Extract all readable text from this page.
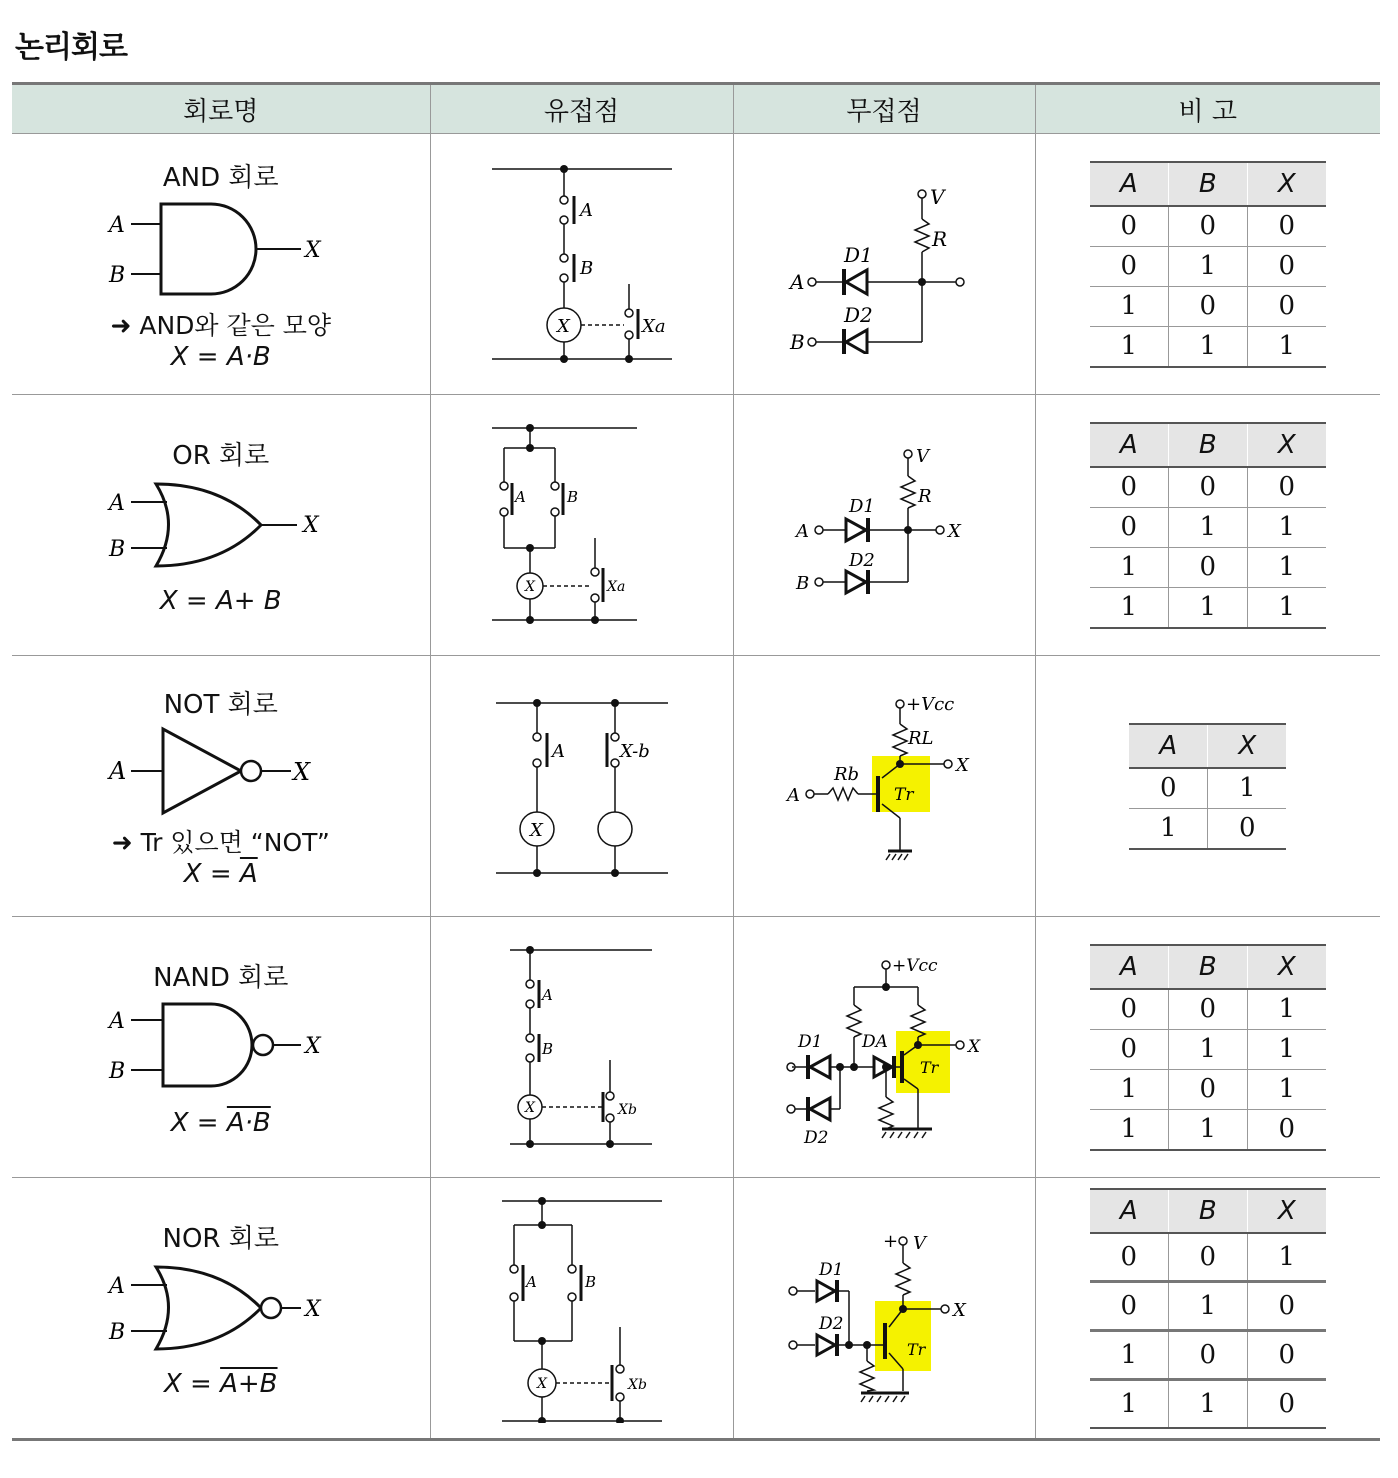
논리회로
회로명	유접점	무접점	비 고

AND 회로
A
B
X
➜ AND와 같은 모양
X = A·B

A
B
X	Xa

V
R
D1
D2
A
B

A	B	X
0	0	0
0	1	0
1	0	0
1	1	1

OR 회로
A
B
X
X = A+ B

A	B
X	Xa

V
R
D1
D2
A
B
X

A	B	X
0	0	0
0	1	1
1	0	1
1	1	1

NOT 회로
A	X
➜ Tr 있으면 “NOT”
$X = \overline{A}$

A	X-b
X

+Vcc
RL
Rb
Tr
A
X

A	X
0	1
1	0

NAND 회로
A
B
X
X = A·B

A
B
X	Xb

+Vcc
D1 DA
D2
Tr
X

A	B	X
0	0	1
0	1	1
1	0	1
1	1	0

NOR 회로
A
B
X
X = A+B

A	B
X	Xb

+ V
D1
D2
Tr
X

A	B	X
0	0	1
0	1	0
1	0	0
1	1	0
